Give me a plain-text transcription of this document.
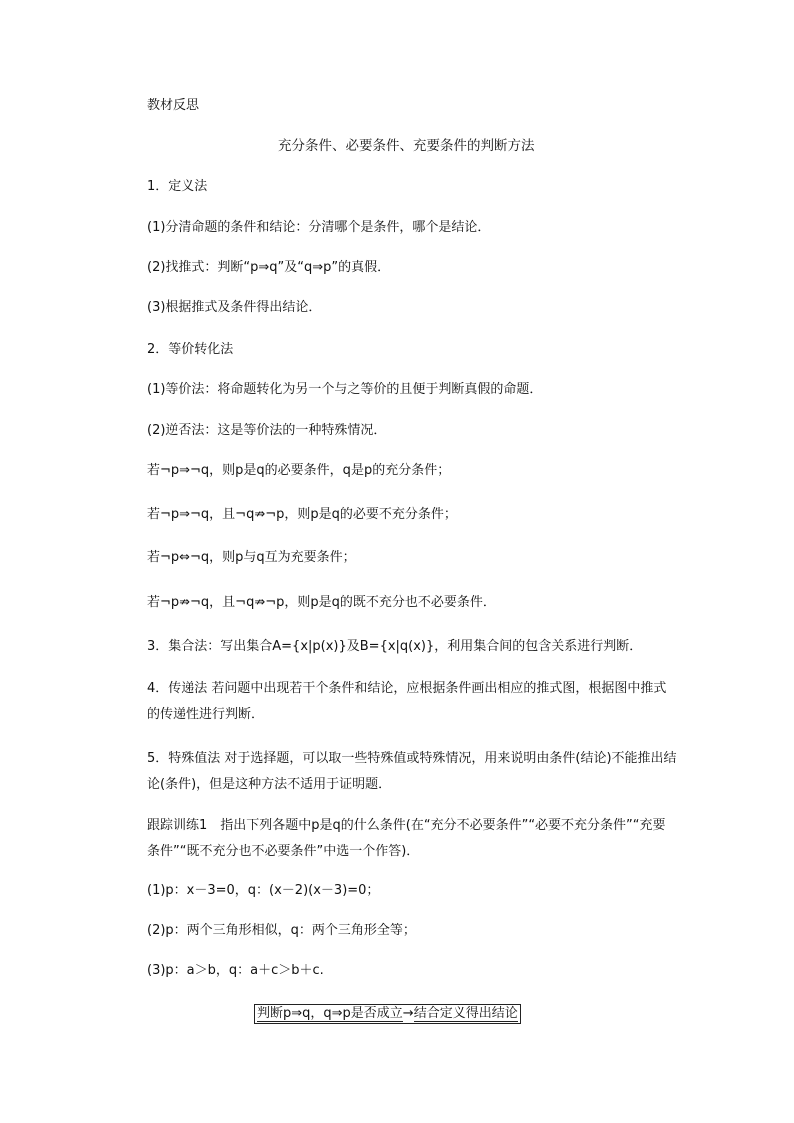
教材反思
充分条件、必要条件、充要条件的判断方法
1．定义法
(1)分清命题的条件和结论：分清哪个是条件，哪个是结论．
(2)找推式：判断“p⇒q”及“q⇒p”的真假．
(3)根据推式及条件得出结论．
2．等价转化法
(1)等价法：将命题转化为另一个与之等价的且便于判断真假的命题．
(2)逆否法：这是等价法的一种特殊情况．
若¬p⇒¬q，则p是q的必要条件，q是p的充分条件；
若¬p⇒¬q，且¬q⇏¬p，则p是q的必要不充分条件；
若¬p⇔¬q，则p与q互为充要条件；
若¬p⇏¬q，且¬q⇏¬p，则p是q的既不充分也不必要条件．
3．集合法：写出集合A={x|p(x)}及B={x|q(x)}，利用集合间的包含关系进行判断．
4．传递法 若问题中出现若干个条件和结论，应根据条件画出相应的推式图，根据图中推式的传递性进行判断．
5．特殊值法 对于选择题，可以取一些特殊值或特殊情况，用来说明由条件(结论)不能推出结论(条件)，但是这种方法不适用于证明题．
跟踪训练1　指出下列各题中p是q的什么条件(在“充分不必要条件”“必要不充分条件”“充要条件”“既不充分也不必要条件”中选一个作答)．
(1)p：x－3=0，q：(x－2)(x－3)=0；
(2)p：两个三角形相似，q：两个三角形全等；
(3)p：a＞b，q：a＋c＞b＋c.
判断p⇒q，q⇒p是否成立→结合定义得出结论
